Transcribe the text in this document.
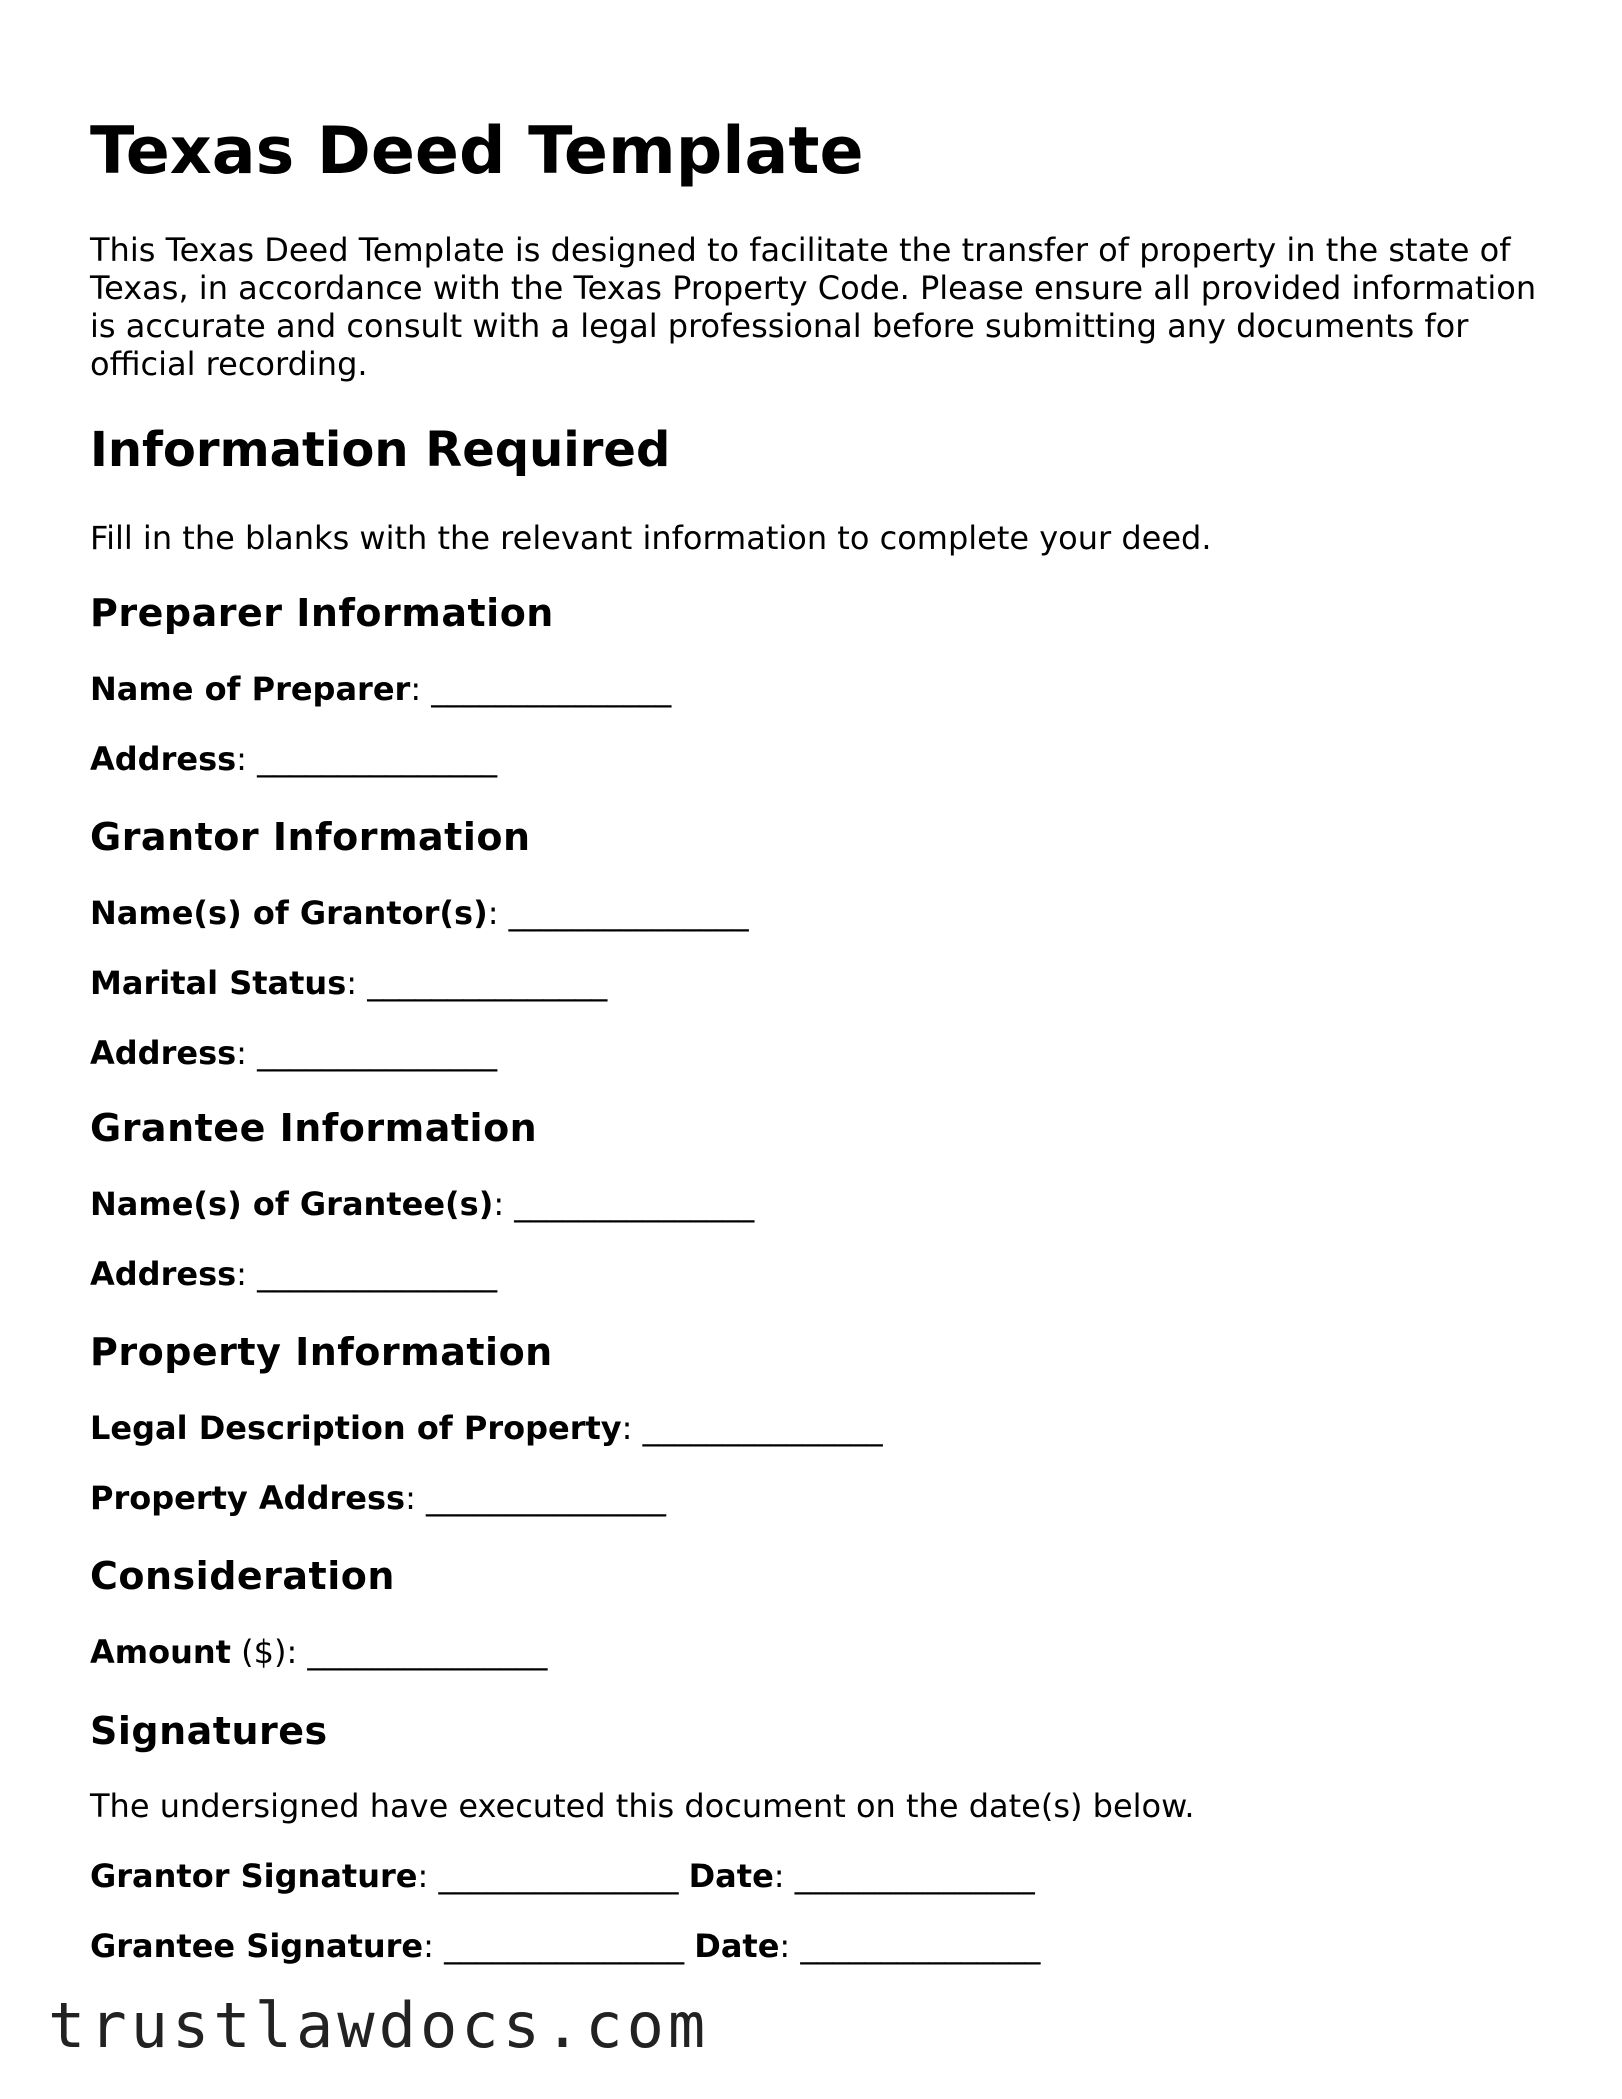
Texas Deed Template

This Texas Deed Template is designed to facilitate the transfer of property in the state of Texas, in accordance with the Texas Property Code. Please ensure all provided information is accurate and consult with a legal professional before submitting any documents for official recording.

Information Required

Fill in the blanks with the relevant information to complete your deed.

Preparer Information

Name of Preparer: _______________

Address: _______________

Grantor Information

Name(s) of Grantor(s): _______________

Marital Status: _______________

Address: _______________

Grantee Information

Name(s) of Grantee(s): _______________

Address: _______________

Property Information

Legal Description of Property: _______________

Property Address: _______________

Consideration

Amount ($): _______________

Signatures

The undersigned have executed this document on the date(s) below.

Grantor Signature: _______________ Date: _______________

Grantee Signature: _______________ Date: _______________

trustlawdocs.com
